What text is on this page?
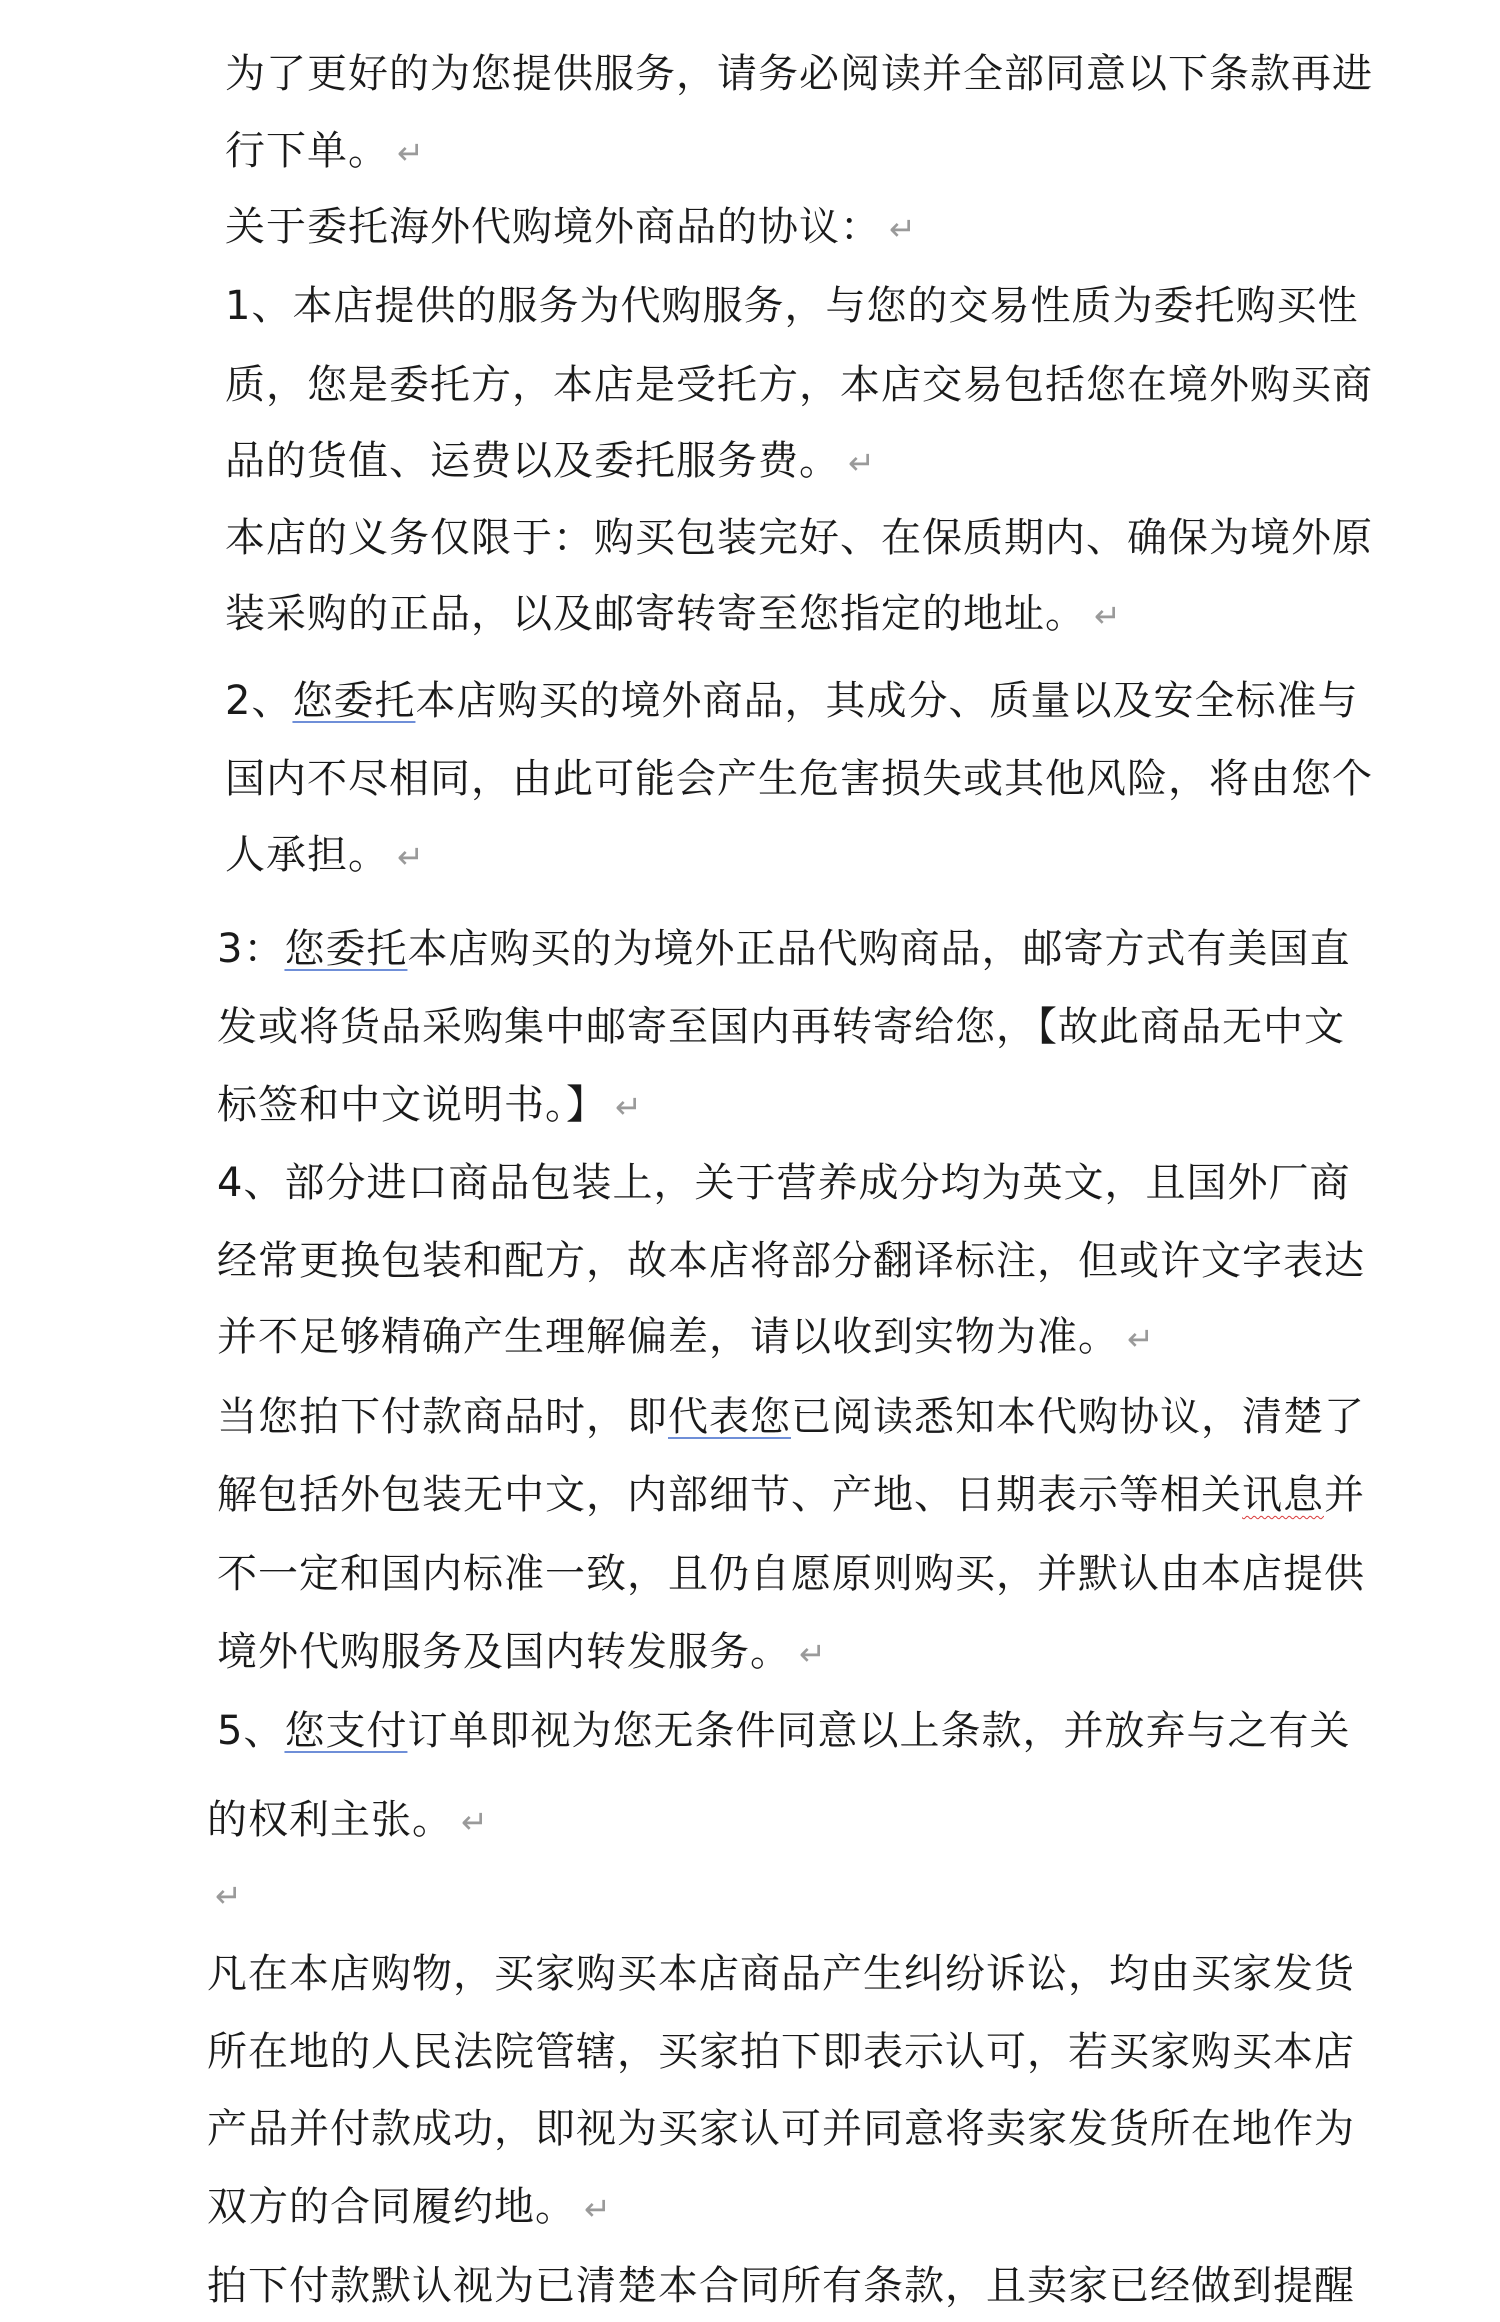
为了更好的为您提供服务，请务必阅读并全部同意以下条款再进
行下单。 ↵
关于委托海外代购境外商品的协议： ↵
1、本店提供的服务为代购服务，与您的交易性质为委托购买性
质，您是委托方，本店是受托方，本店交易包括您在境外购买商
品的货值、运费以及委托服务费。 ↵
本店的义务仅限于：购买包装完好、在保质期内、确保为境外原
装采购的正品，以及邮寄转寄至您指定的地址。 ↵
2、您委托本店购买的境外商品，其成分、质量以及安全标准与
国内不尽相同，由此可能会产生危害损失或其他风险，将由您个
人承担。 ↵
3：您委托本店购买的为境外正品代购商品，邮寄方式有美国直
发或将货品采购集中邮寄至国内再转寄给您，【故此商品无中文
标签和中文说明书。】 ↵
4、部分进口商品包装上，关于营养成分均为英文，且国外厂商
经常更换包装和配方，故本店将部分翻译标注，但或许文字表达
并不足够精确产生理解偏差，请以收到实物为准。 ↵
当您拍下付款商品时，即代表您已阅读悉知本代购协议，清楚了
解包括外包装无中文，内部细节、产地、日期表示等相关讯息并
不一定和国内标准一致，且仍自愿原则购买，并默认由本店提供
境外代购服务及国内转发服务。 ↵
5、您支付订单即视为您无条件同意以上条款，并放弃与之有关
的权利主张。 ↵
↵
凡在本店购物，买家购买本店商品产生纠纷诉讼，均由买家发货
所在地的人民法院管辖，买家拍下即表示认可，若买家购买本店
产品并付款成功，即视为买家认可并同意将卖家发货所在地作为
双方的合同履约地。 ↵
拍下付款默认视为已清楚本合同所有条款，且卖家已经做到提醒
